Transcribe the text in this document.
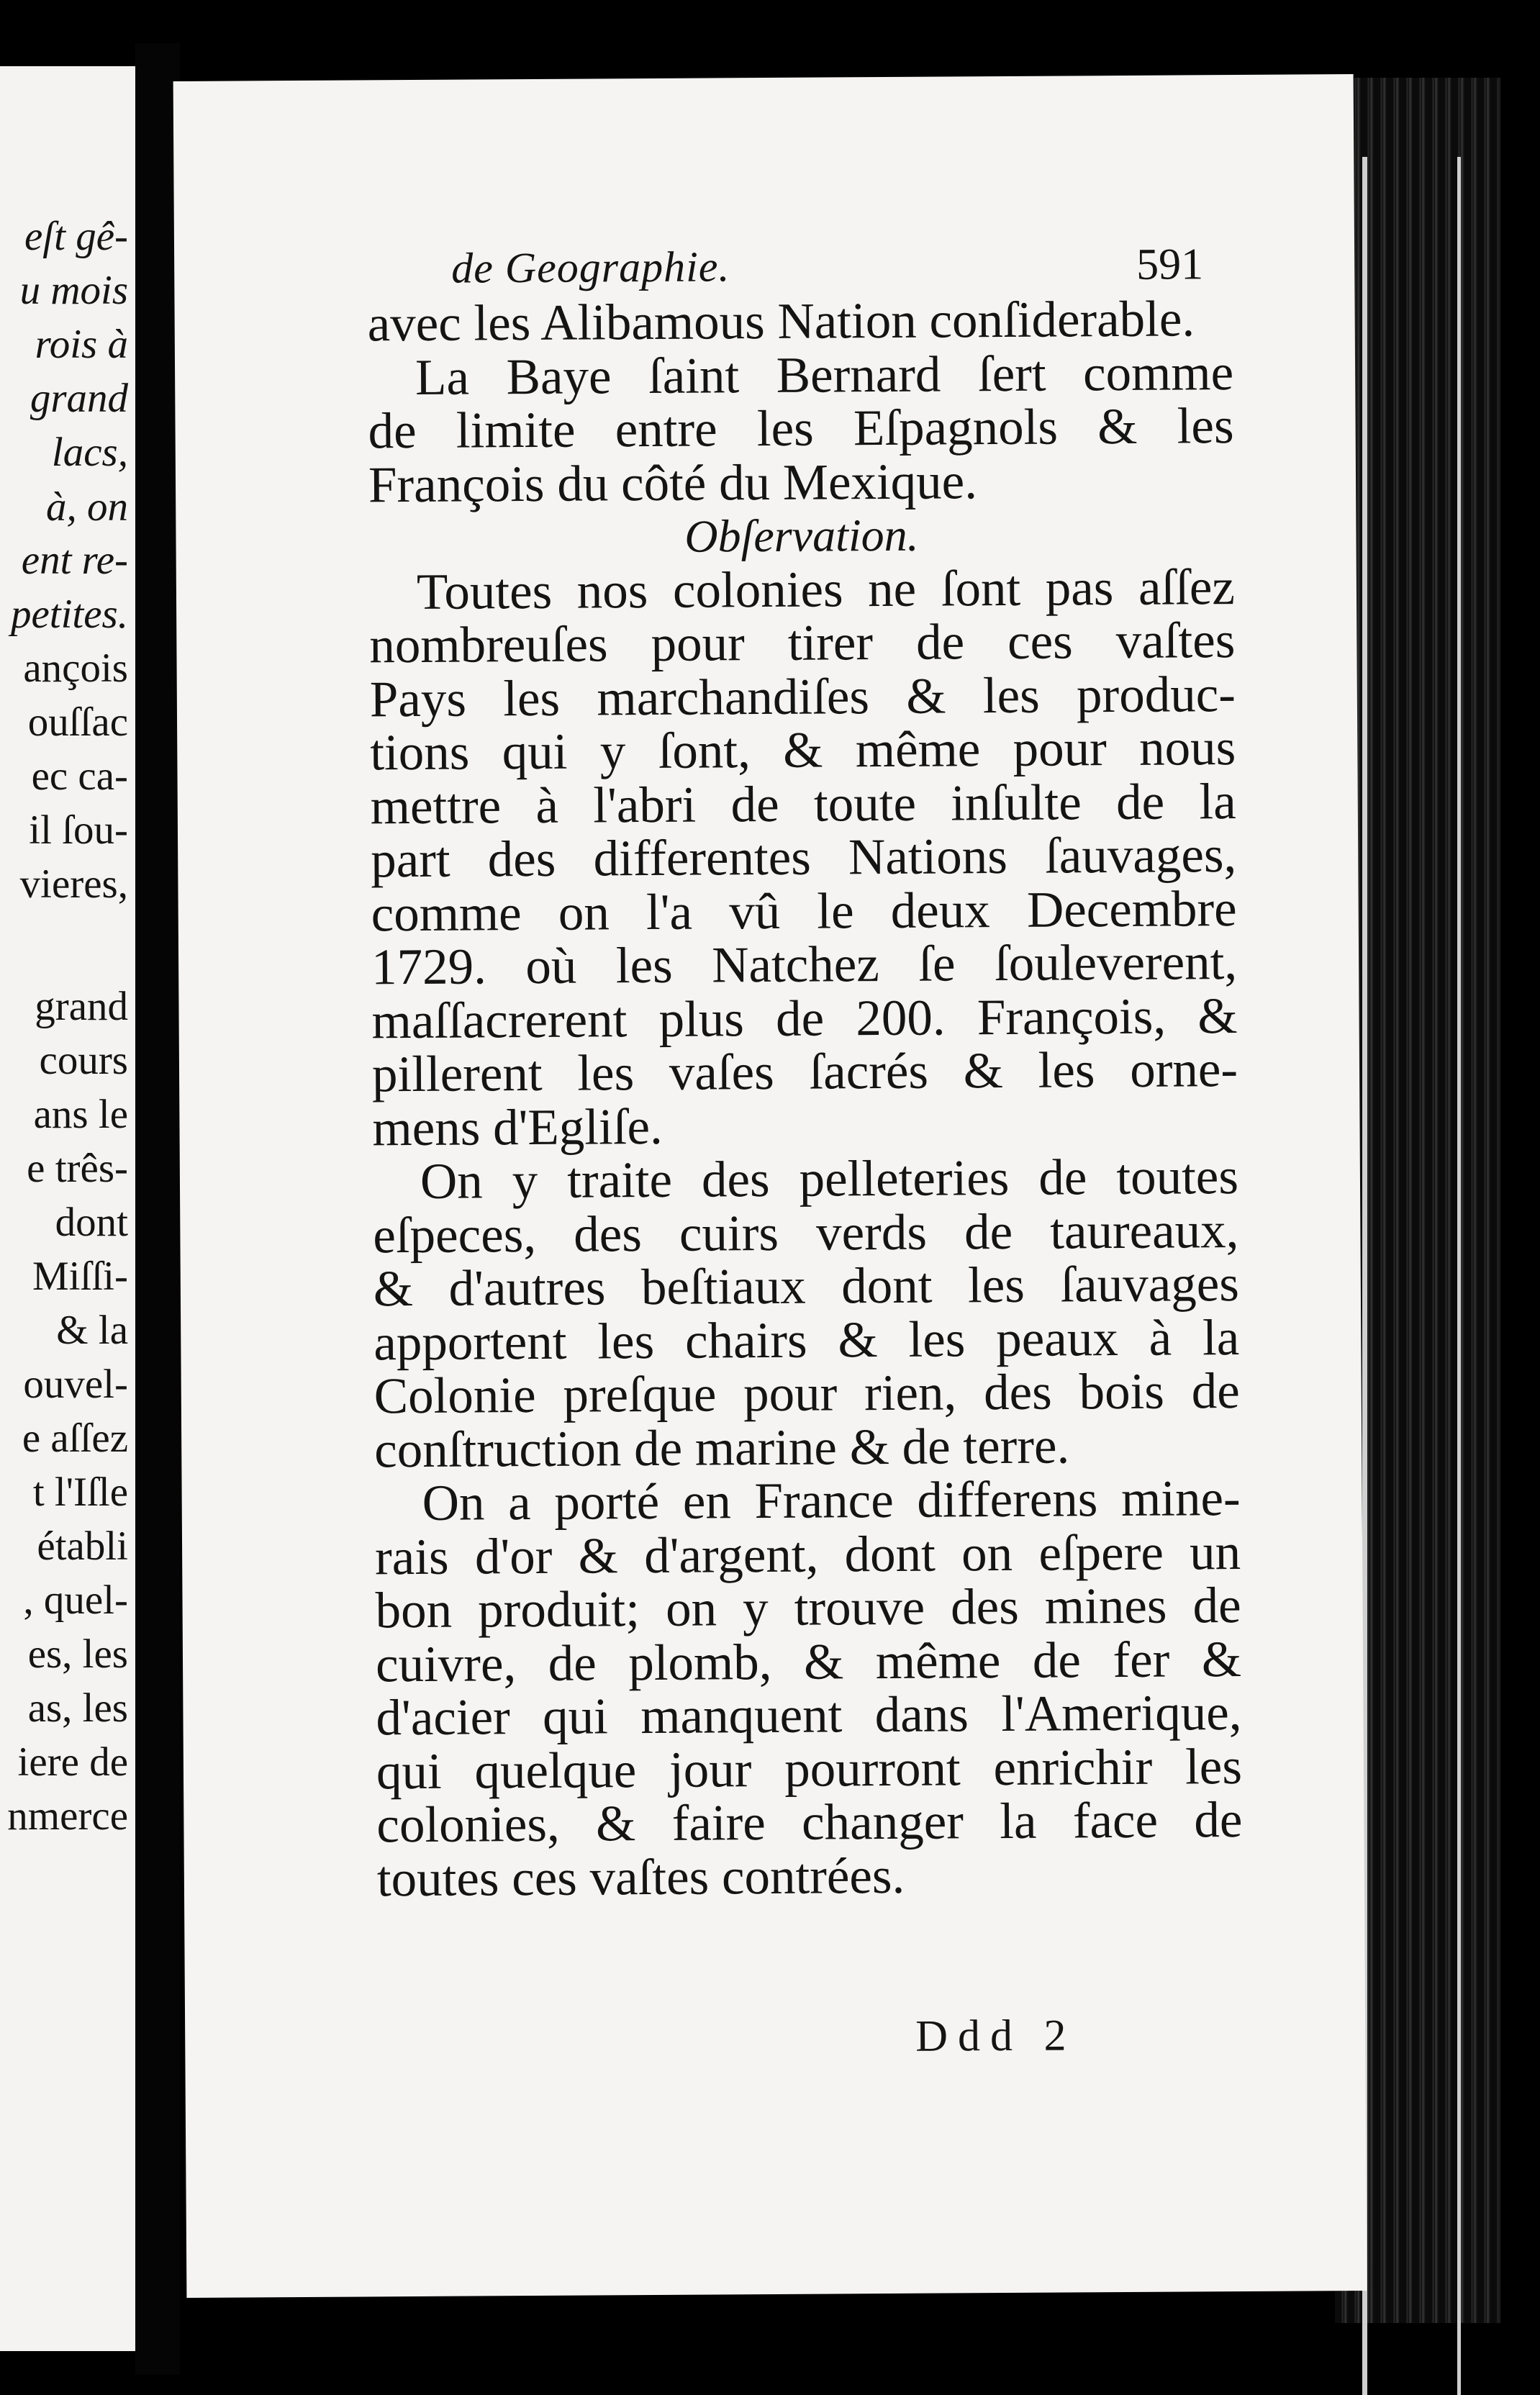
eſt gê-
u mois
rois à
grand
lacs,
à, on
ent re-
petites.
ançois
ouſſac
ec ca-
il ſou-
vieres,
grand
cours
ans le
e três-
dont
Miſſi-
& la
ouvel-
e aſſez
t l'Iſle
établi
, quel-
es, les
as, les
iere de
nmerce
de Geographie.	591
avec les Alibamous Nation conſiderable.
La Baye ſaint Bernard ſert comme
de limite entre les Eſpagnols & les
François du côté du Mexique.
Obſervation.
Toutes nos colonies ne ſont pas aſſez
nombreuſes pour tirer de ces vaſtes
Pays les marchandiſes & les produc-
tions qui y ſont, & même pour nous
mettre à l'abri de toute inſulte de la
part des differentes Nations ſauvages,
comme on l'a vû le deux Decembre
1729. où les Natchez ſe ſouleverent,
maſſacrerent plus de 200. François, &
pillerent les vaſes ſacrés & les orne-
mens d'Egliſe.
On y traite des pelleteries de toutes
eſpeces, des cuirs verds de taureaux,
& d'autres beſtiaux dont les ſauvages
apportent les chairs & les peaux à la
Colonie preſque pour rien, des bois de
conſtruction de marine & de terre.
On a porté en France differens mine-
rais d'or & d'argent, dont on eſpere un
bon produit; on y trouve des mines de
cuivre, de plomb, & même de fer &
d'acier qui manquent dans l'Amerique,
qui quelque jour pourront enrichir les
colonies, & faire changer la face de
toutes ces vaſtes contrées.
Ddd 2
